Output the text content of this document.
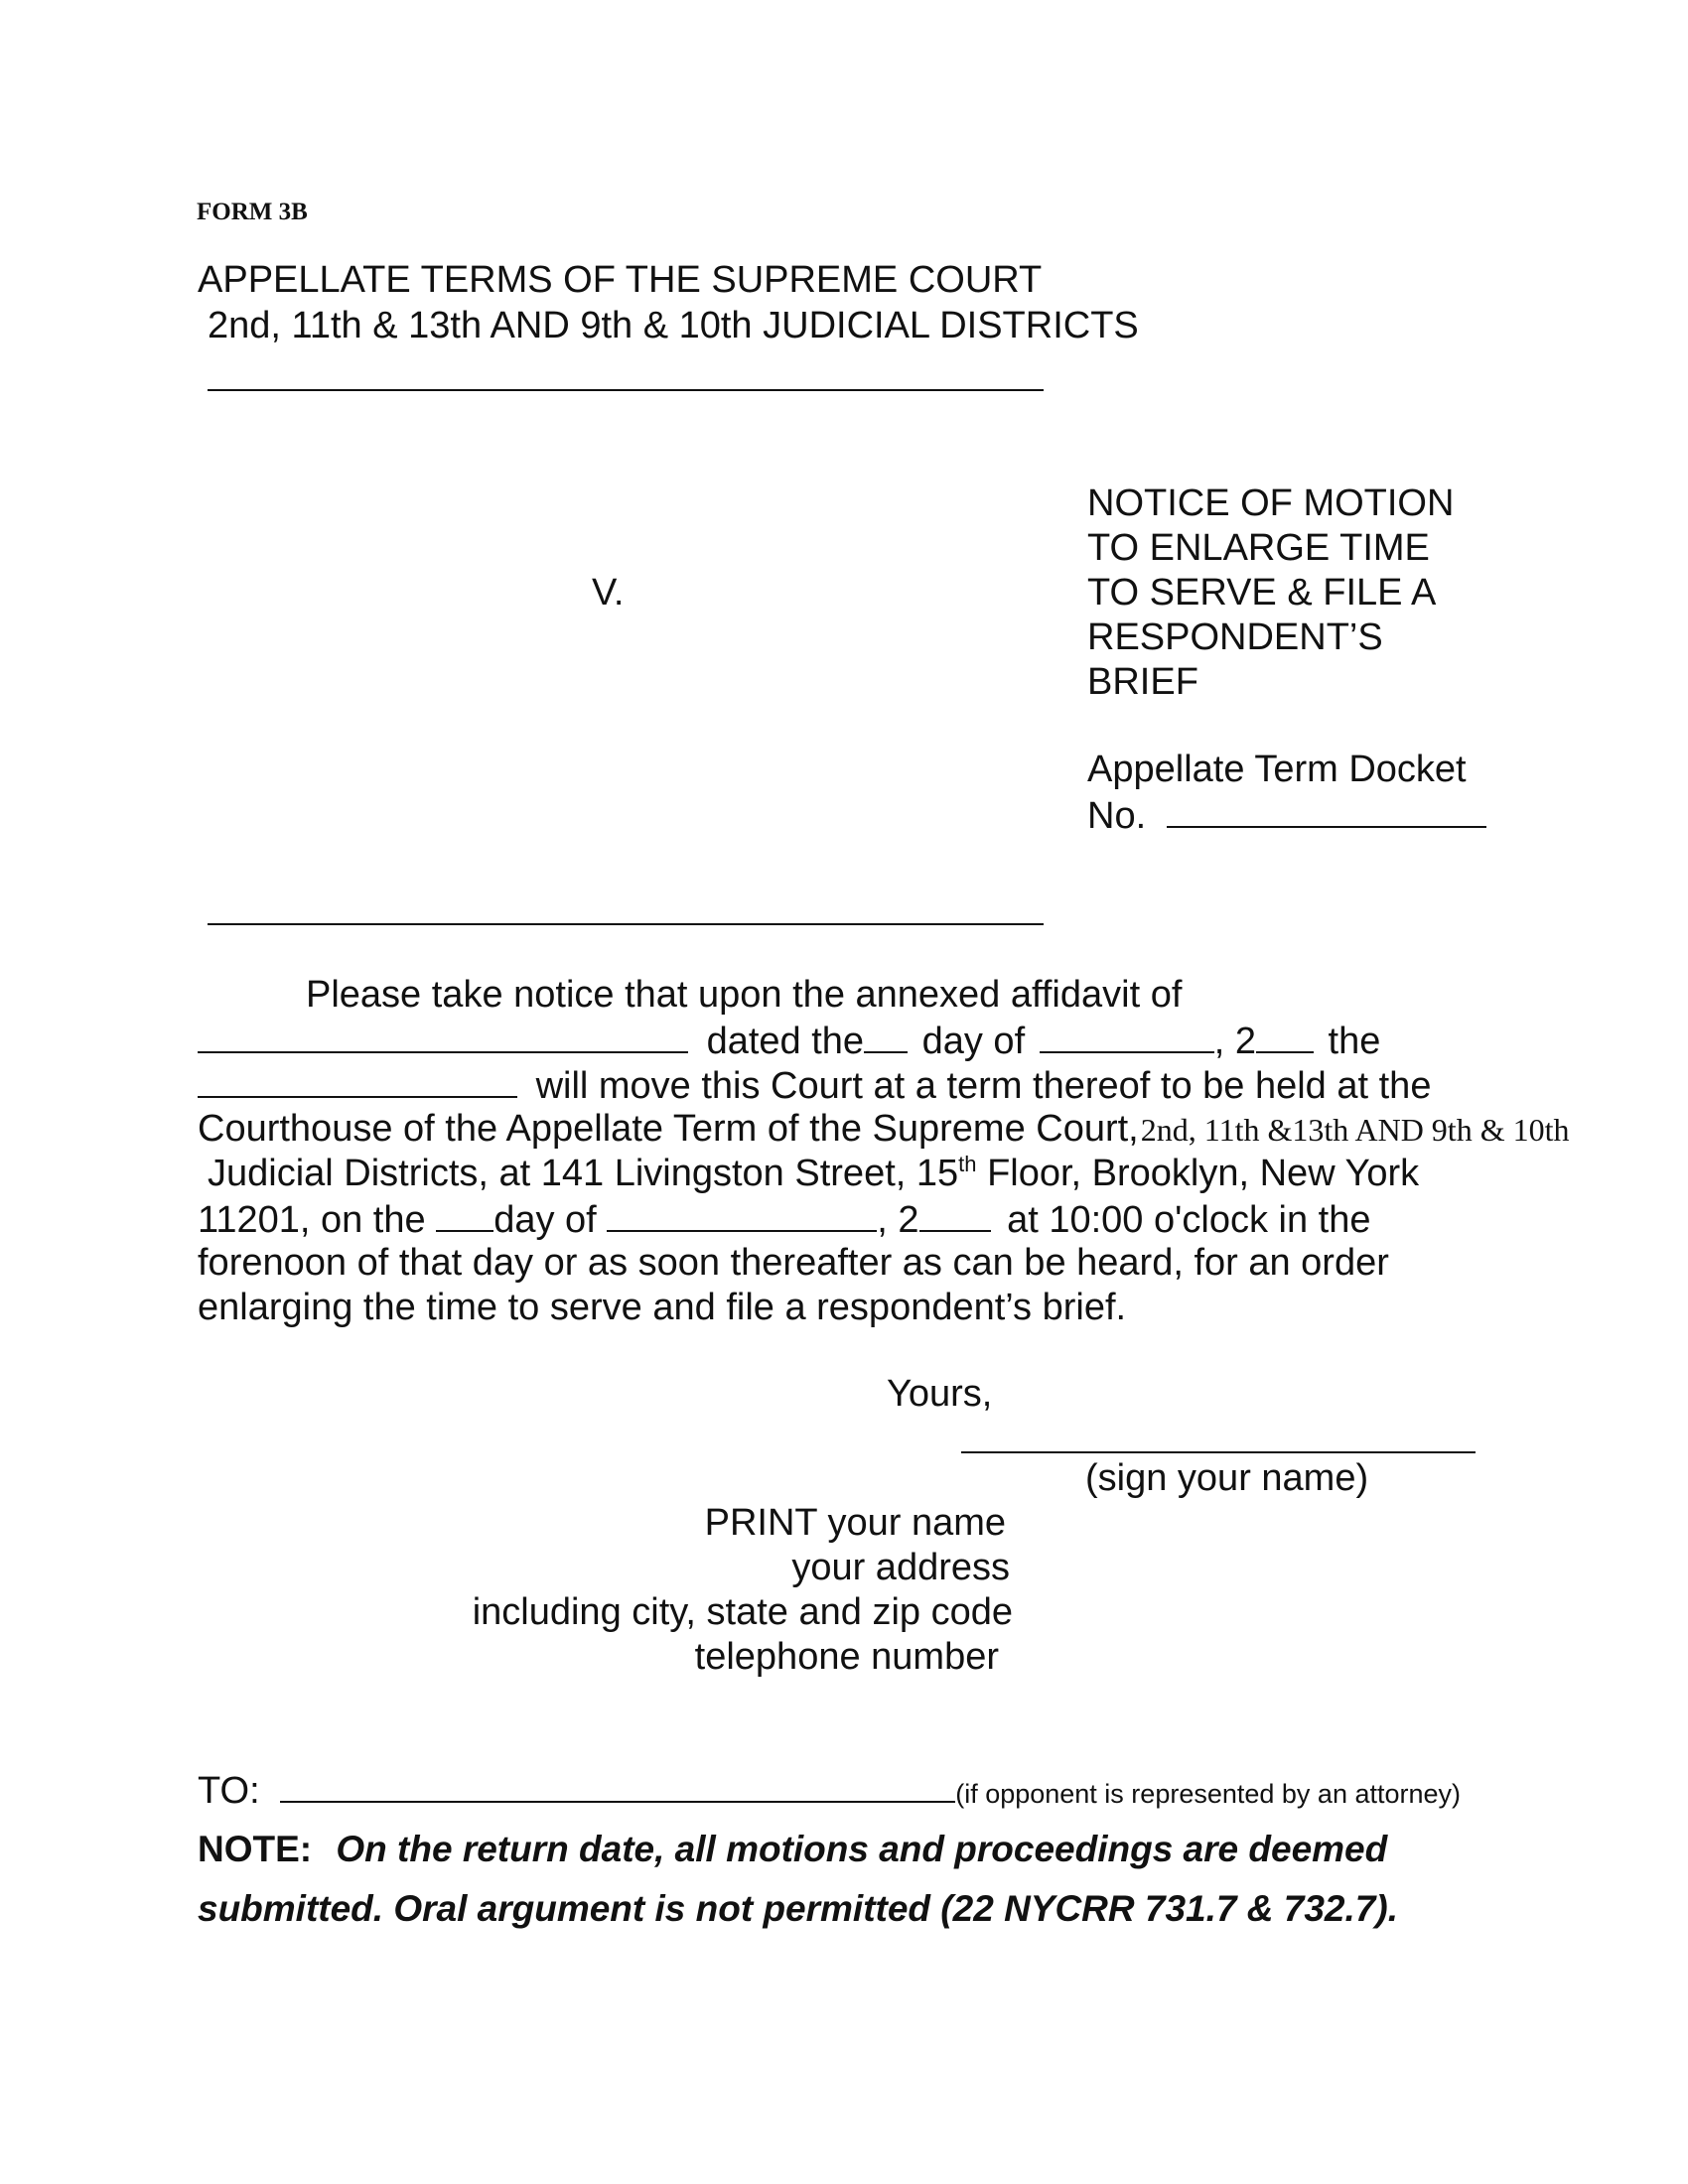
FORM 3B
APPELLATE TERMS OF THE SUPREME COURT
2nd, 11th & 13th AND 9th & 10th JUDICIAL DISTRICTS
V.
NOTICE OF MOTION
TO ENLARGE TIME
TO SERVE & FILE A
RESPONDENT’S
BRIEF
Appellate Term Docket
No.
Please take notice that upon the annexed affidavit of
dated the day of	, 2 the
will move this Court at a term thereof to be held at the
Courthouse of the Appellate Term of the Supreme Court,2nd, 11th &13th AND 9th & 10th
Judicial Districts, at 141 Livingston Street, 15th Floor, Brooklyn, New York
11201, on the day of	, 2 at 10:00 o'clock in the
forenoon of that day or as soon thereafter as can be heard, for an order
enlarging the time to serve and file a respondent’s brief.
Yours,
(sign your name)
PRINT your name
your address
including city, state and zip code
telephone number
TO:	(if opponent is represented by an attorney)
NOTE: On the return date, all motions and proceedings are deemed
submitted. Oral argument is not permitted (22 NYCRR 731.7 & 732.7).
